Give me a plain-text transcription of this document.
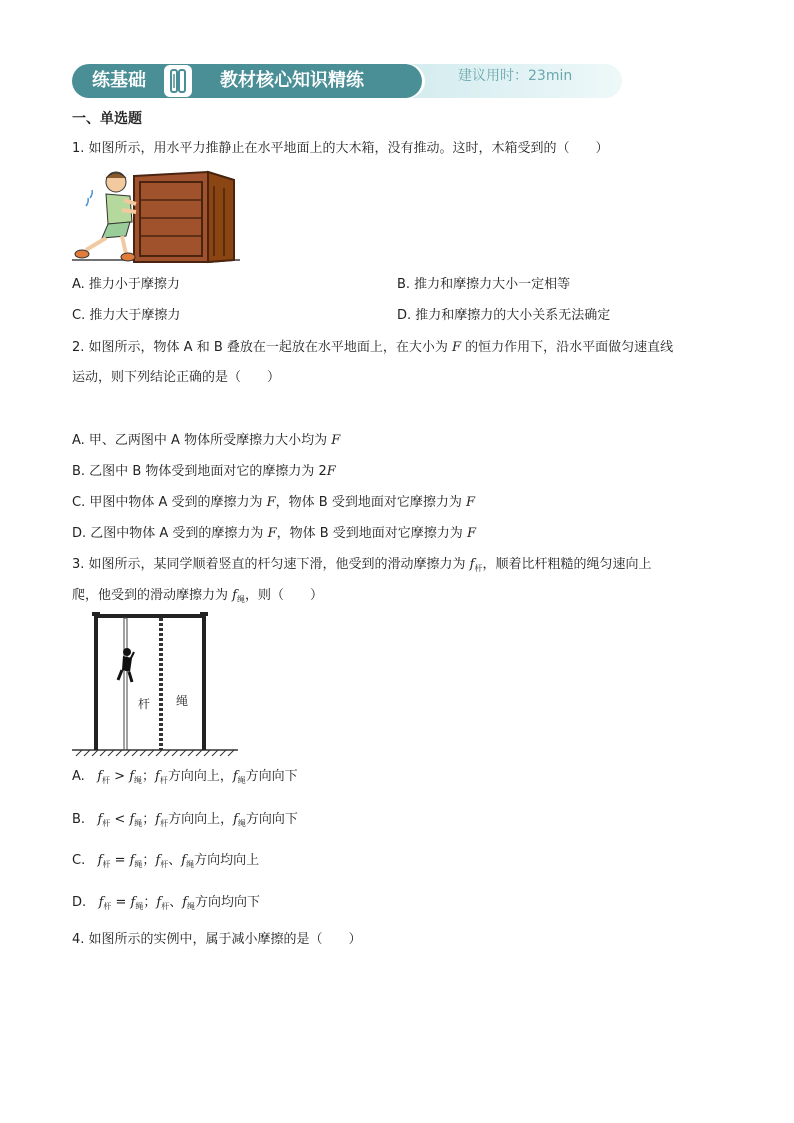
练基础	教材核心知识精练	建议用时：23min
一、单选题
1. 如图所示，用水平力推静止在水平地面上的大木箱，没有推动。这时，木箱受到的（　　）
A. 推力小于摩擦力	B. 推力和摩擦力大小一定相等
C. 推力大于摩擦力	D. 推力和摩擦力的大小关系无法确定
2. 如图所示，物体 A 和 B 叠放在一起放在水平地面上，在大小为 F 的恒力作用下，沿水平面做匀速直线
运动，则下列结论正确的是（　　）
A. 甲、乙两图中 A 物体所受摩擦力大小均为 F
B. 乙图中 B 物体受到地面对它的摩擦力为 2F
C. 甲图中物体 A 受到的摩擦力为 F，物体 B 受到地面对它摩擦力为 F
D. 乙图中物体 A 受到的摩擦力为 F，物体 B 受到地面对它摩擦力为 F
3. 如图所示，某同学顺着竖直的杆匀速下滑，他受到的滑动摩擦力为 $f_杆$，顺着比杆粗糙的绳匀速向上
爬，他受到的滑动摩擦力为 $f_绳$，则（　　）
杆 绳
A. $f_杆 > f_绳$；$f_杆$方向向上，$f_绳$方向向下
B. $f_杆 < f_绳$；$f_杆$方向向上，$f_绳$方向向下
C. $f_杆 = f_绳$；$f_杆$、$f_绳$方向均向上
D. $f_杆 = f_绳$；$f_杆$、$f_绳$方向均向下
4. 如图所示的实例中，属于减小摩擦的是（　　）
